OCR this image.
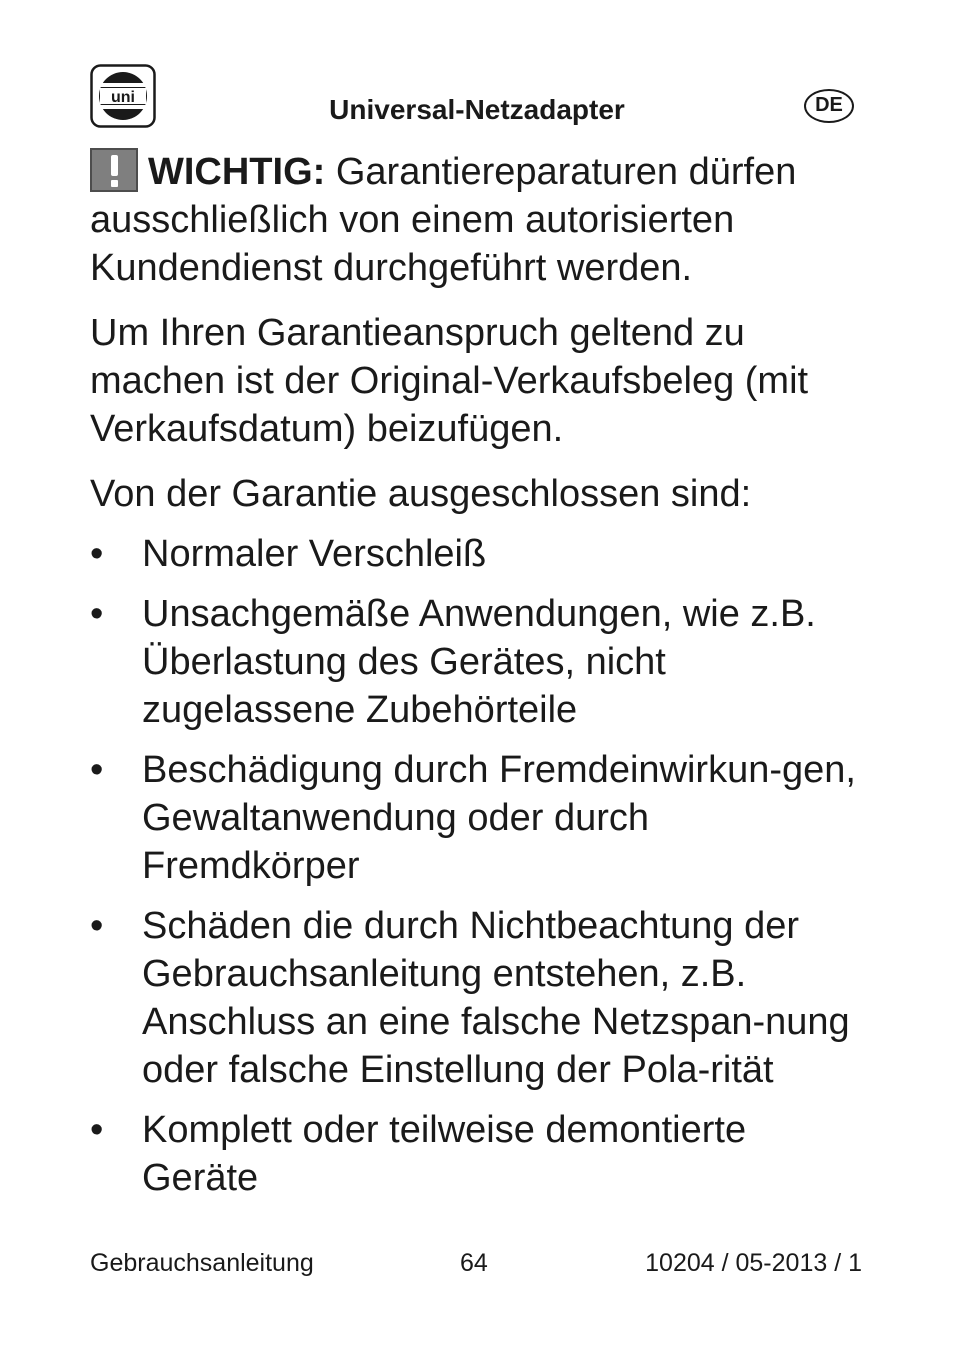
uni	Universal-Netzadapter	DE

WICHTIG: Garantiereparaturen dürfen ausschließlich von einem autorisierten Kundendienst durchgeführt werden.

Um Ihren Garantieanspruch geltend zu machen ist der Original-Verkaufsbeleg (mit Verkaufsdatum) beizufügen.

Von der Garantie ausgeschlossen sind:

• Normaler Verschleiß
• Unsachgemäße Anwendungen, wie z.B. Überlastung des Gerätes, nicht zugelassene Zubehörteile
• Beschädigung durch Fremdeinwirkun-gen, Gewaltanwendung oder durch Fremdkörper
• Schäden die durch Nichtbeachtung der Gebrauchsanleitung entstehen, z.B. Anschluss an eine falsche Netzspan-nung oder falsche Einstellung der Pola-rität
• Komplett oder teilweise demontierte Geräte
Gebrauchsanleitung	64	10204 / 05-2013 / 1
